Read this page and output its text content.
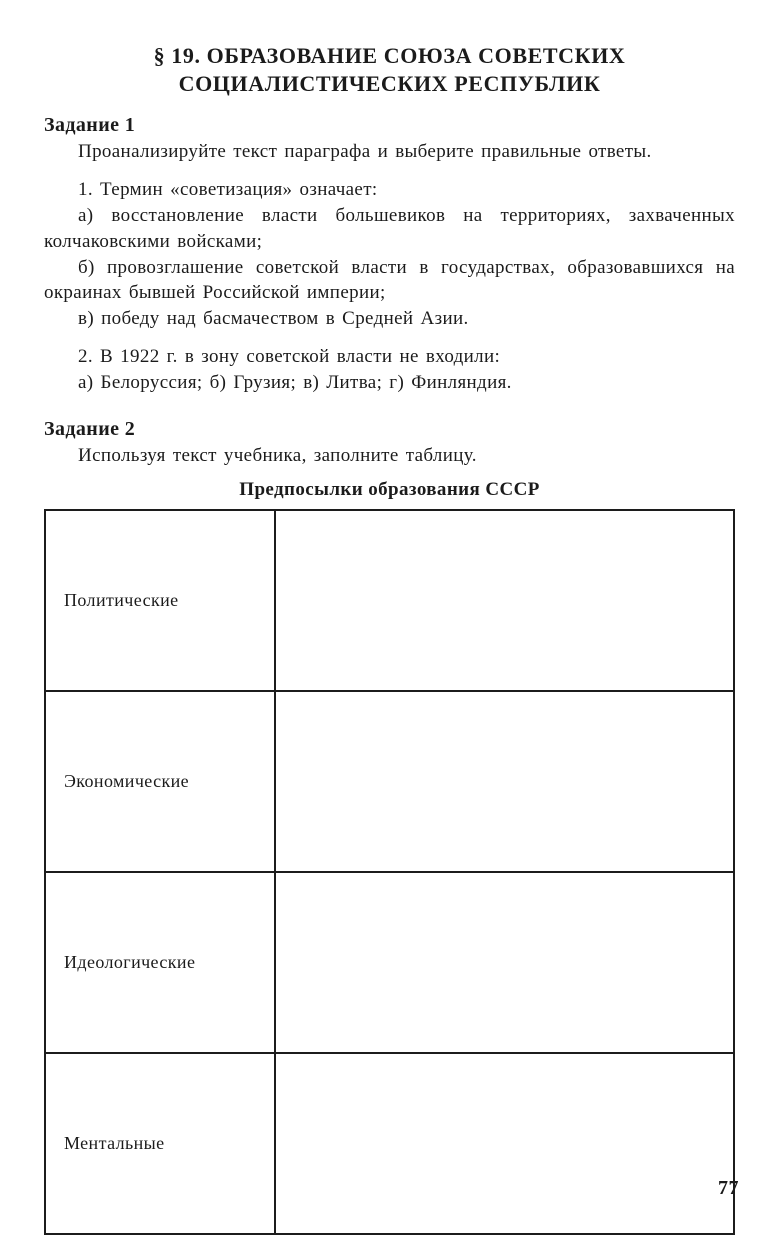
§ 19. ОБРАЗОВАНИЕ СОЮЗА СОВЕТСКИХ
СОЦИАЛИСТИЧЕСКИХ РЕСПУБЛИК
Задание 1

Проанализируйте текст параграфа и выберите правильные ответы.

1. Термин «советизация» означает:

а) восстановление власти большевиков на территориях, захваченных колчаковскими войсками;

б) провозглашение советской власти в государствах, образовавшихся на окраинах бывшей Российской империи;

в) победу над басмачеством в Средней Азии.

2. В 1922 г. в зону советской власти не входили:

а) Белоруссия; б) Грузия; в) Литва; г) Финляндия.

Задание 2

Используя текст учебника, заполните таблицу.

Предпосылки образования СССР
Политические	
Экономические	
Идеологические	
Ментальные	
77
